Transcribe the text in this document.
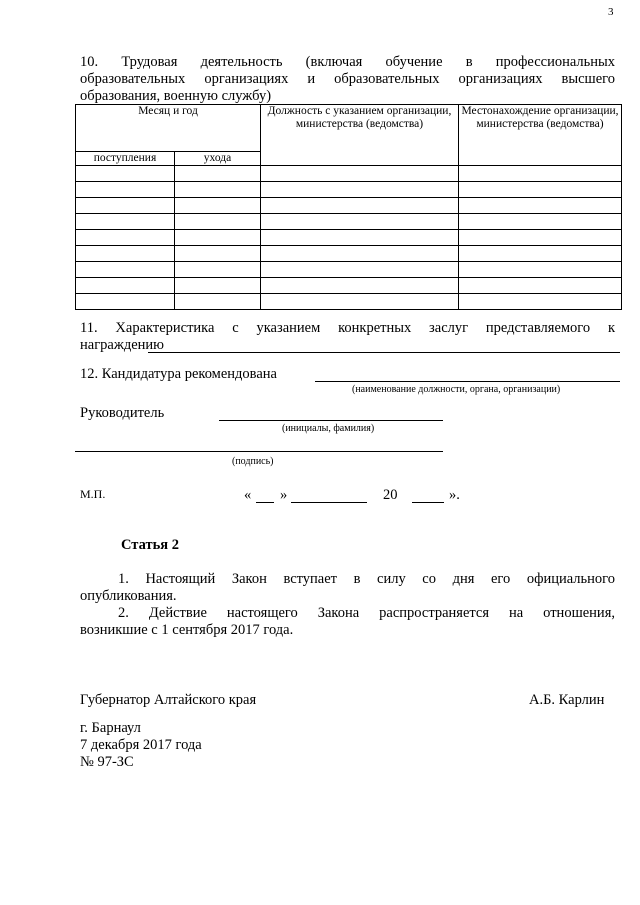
3
10. Трудовая деятельность (включая обучение в профессиональных
образовательных организациях и образовательных организациях высшего
образования, военную службу)
Месяц и год		Должность с указанием организации, министерства (ведомства)	Местонахождение организации, министерства (ведомства)
поступления	ухода		

11. Характеристика с указанием конкретных заслуг представляемого к
награждению
12. Кандидатура рекомендована
(наименование должности, органа, организации)
Руководитель
(инициалы, фамилия)
(подпись)
М.П.	« »	20	».
Статья 2
1. Настоящий Закон вступает в силу со дня его официального
опубликования.
2. Действие настоящего Закона распространяется на отношения,
возникшие с 1 сентября 2017 года.
Губернатор Алтайского края	А.Б. Карлин
г. Барнаул
7 декабря 2017 года
№ 97-ЗС
